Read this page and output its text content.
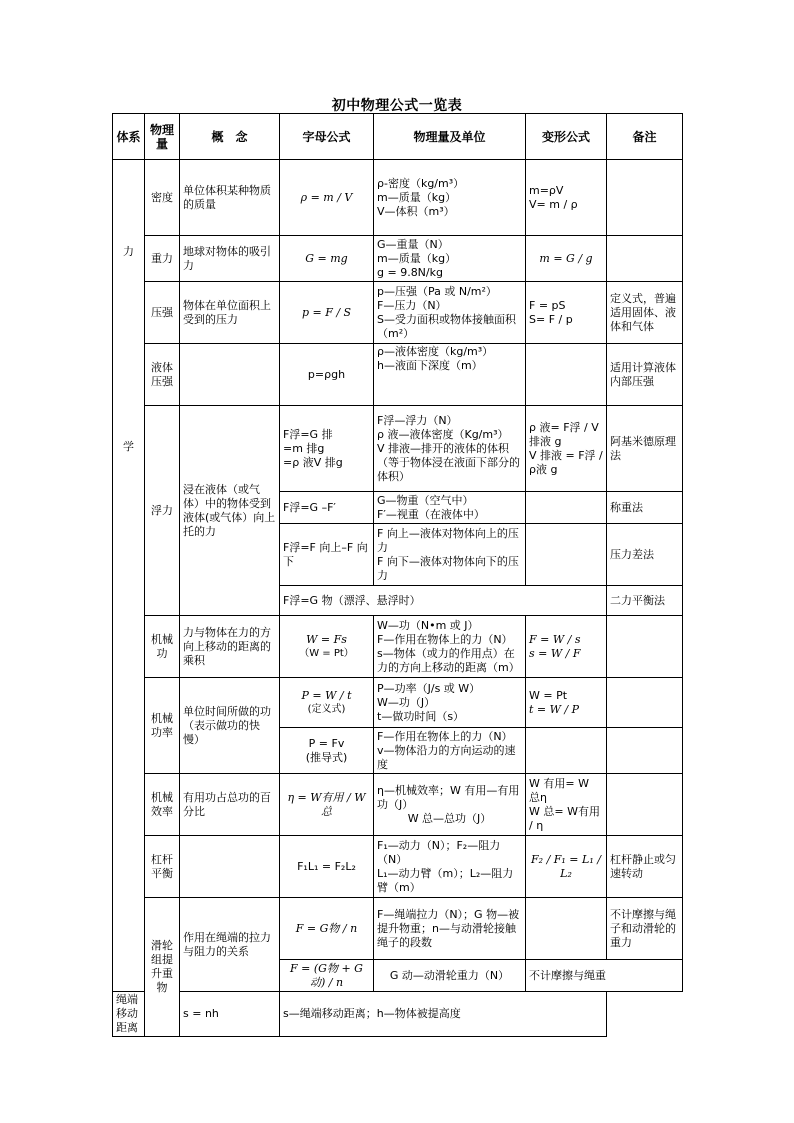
初中物理公式一览表
体系	物理量	概　念	字母公式	物理量及单位	变形公式	备注
力	密度	单位体积某种物质的质量	ρ = m / V	ρ-密度（kg/m³）
m—质量（kg）
V—体积（m³）	m=ρV
V= m / ρ	

	重力	地球对物体的吸引力	G = mg	G—重量（N）
m—质量（kg）
g = 9.8N/kg	m = G / g	
	压强	物体在单位面积上受到的压力	p = F / S	p—压强（Pa 或 N/m²）
F—压力（N）
S—受力面积或物体接触面积（m²）	F = pS
S= F / p	定义式，普遍适用固体、液体和气体
学	液体压强		p=ρgh	ρ—液体密度（kg/m³）
h—液面下深度（m）		适用计算液体内部压强
	浮力	浸在液体（或气体）中的物体受到液体(或气体）向上托的力	F浮=G 排
=m 排g
=ρ 液V 排g	F浮—浮力（N）
ρ 液—液体密度（Kg/m³）
V 排液—排开的液体的体积（等于物体浸在液面下部分的体积）	ρ 液= F浮 / V排液 g
V 排液 = F浮 / ρ液 g	阿基米德原理法
			F浮=G –F′	G—物重（空气中）
F′—视重（在液体中）		称重法
			F浮=F 向上–F 向下	F 向上—液体对物体向上的压力
F 向下—液体对物体向下的压力		压力差法
			F浮=G 物（漂浮、悬浮时）			二力平衡法
	机械功	力与物体在力的方向上移动的距离的乘积	W = Fs
（W = Pt）	W—功（N•m 或 J）
F—作用在物体上的力（N）
s—物体（或力的作用点）在力的方向上移动的距离（m）	F = W / s
s = W / F	

	机械功率	单位时间所做的功（表示做功的快慢）	P = W / t
(定义式)	P—功率（J/s 或 W）
W—功（J）
t—做功时间（s）	W = Pt
t = W / P	

			P = Fv
(推导式)	F—作用在物体上的力（N）
v—物体沿力的方向运动的速度		

	机械效率	有用功占总功的百分比	η = W有用 / W总	η—机械效率；W 有用—有用功（J）
W 总—总功（J）	W 有用= W 总η
W 总= W有用 / η	

	杠杆平衡		F₁L₁ = F₂L₂	F₁—动力（N）；F₂—阻力（N）
L₁—动力臂（m）；L₂—阻力臂（m）	F₂ / F₁ = L₁ / L₂	杠杆静止或匀速转动
	滑轮组提升重物	作用在绳端的拉力与阻力的关系	F = G物 / n	F—绳端拉力（N）；G 物—被提升物重；n—与动滑轮接触绳子的段数		不计摩擦与绳子和动滑轮的重力
			F = (G物 + G动) / n	G 动—动滑轮重力（N）	不计摩擦与绳重	
绳端移动距离		s = nh	s—绳端移动距离；h—物体被提高度			
